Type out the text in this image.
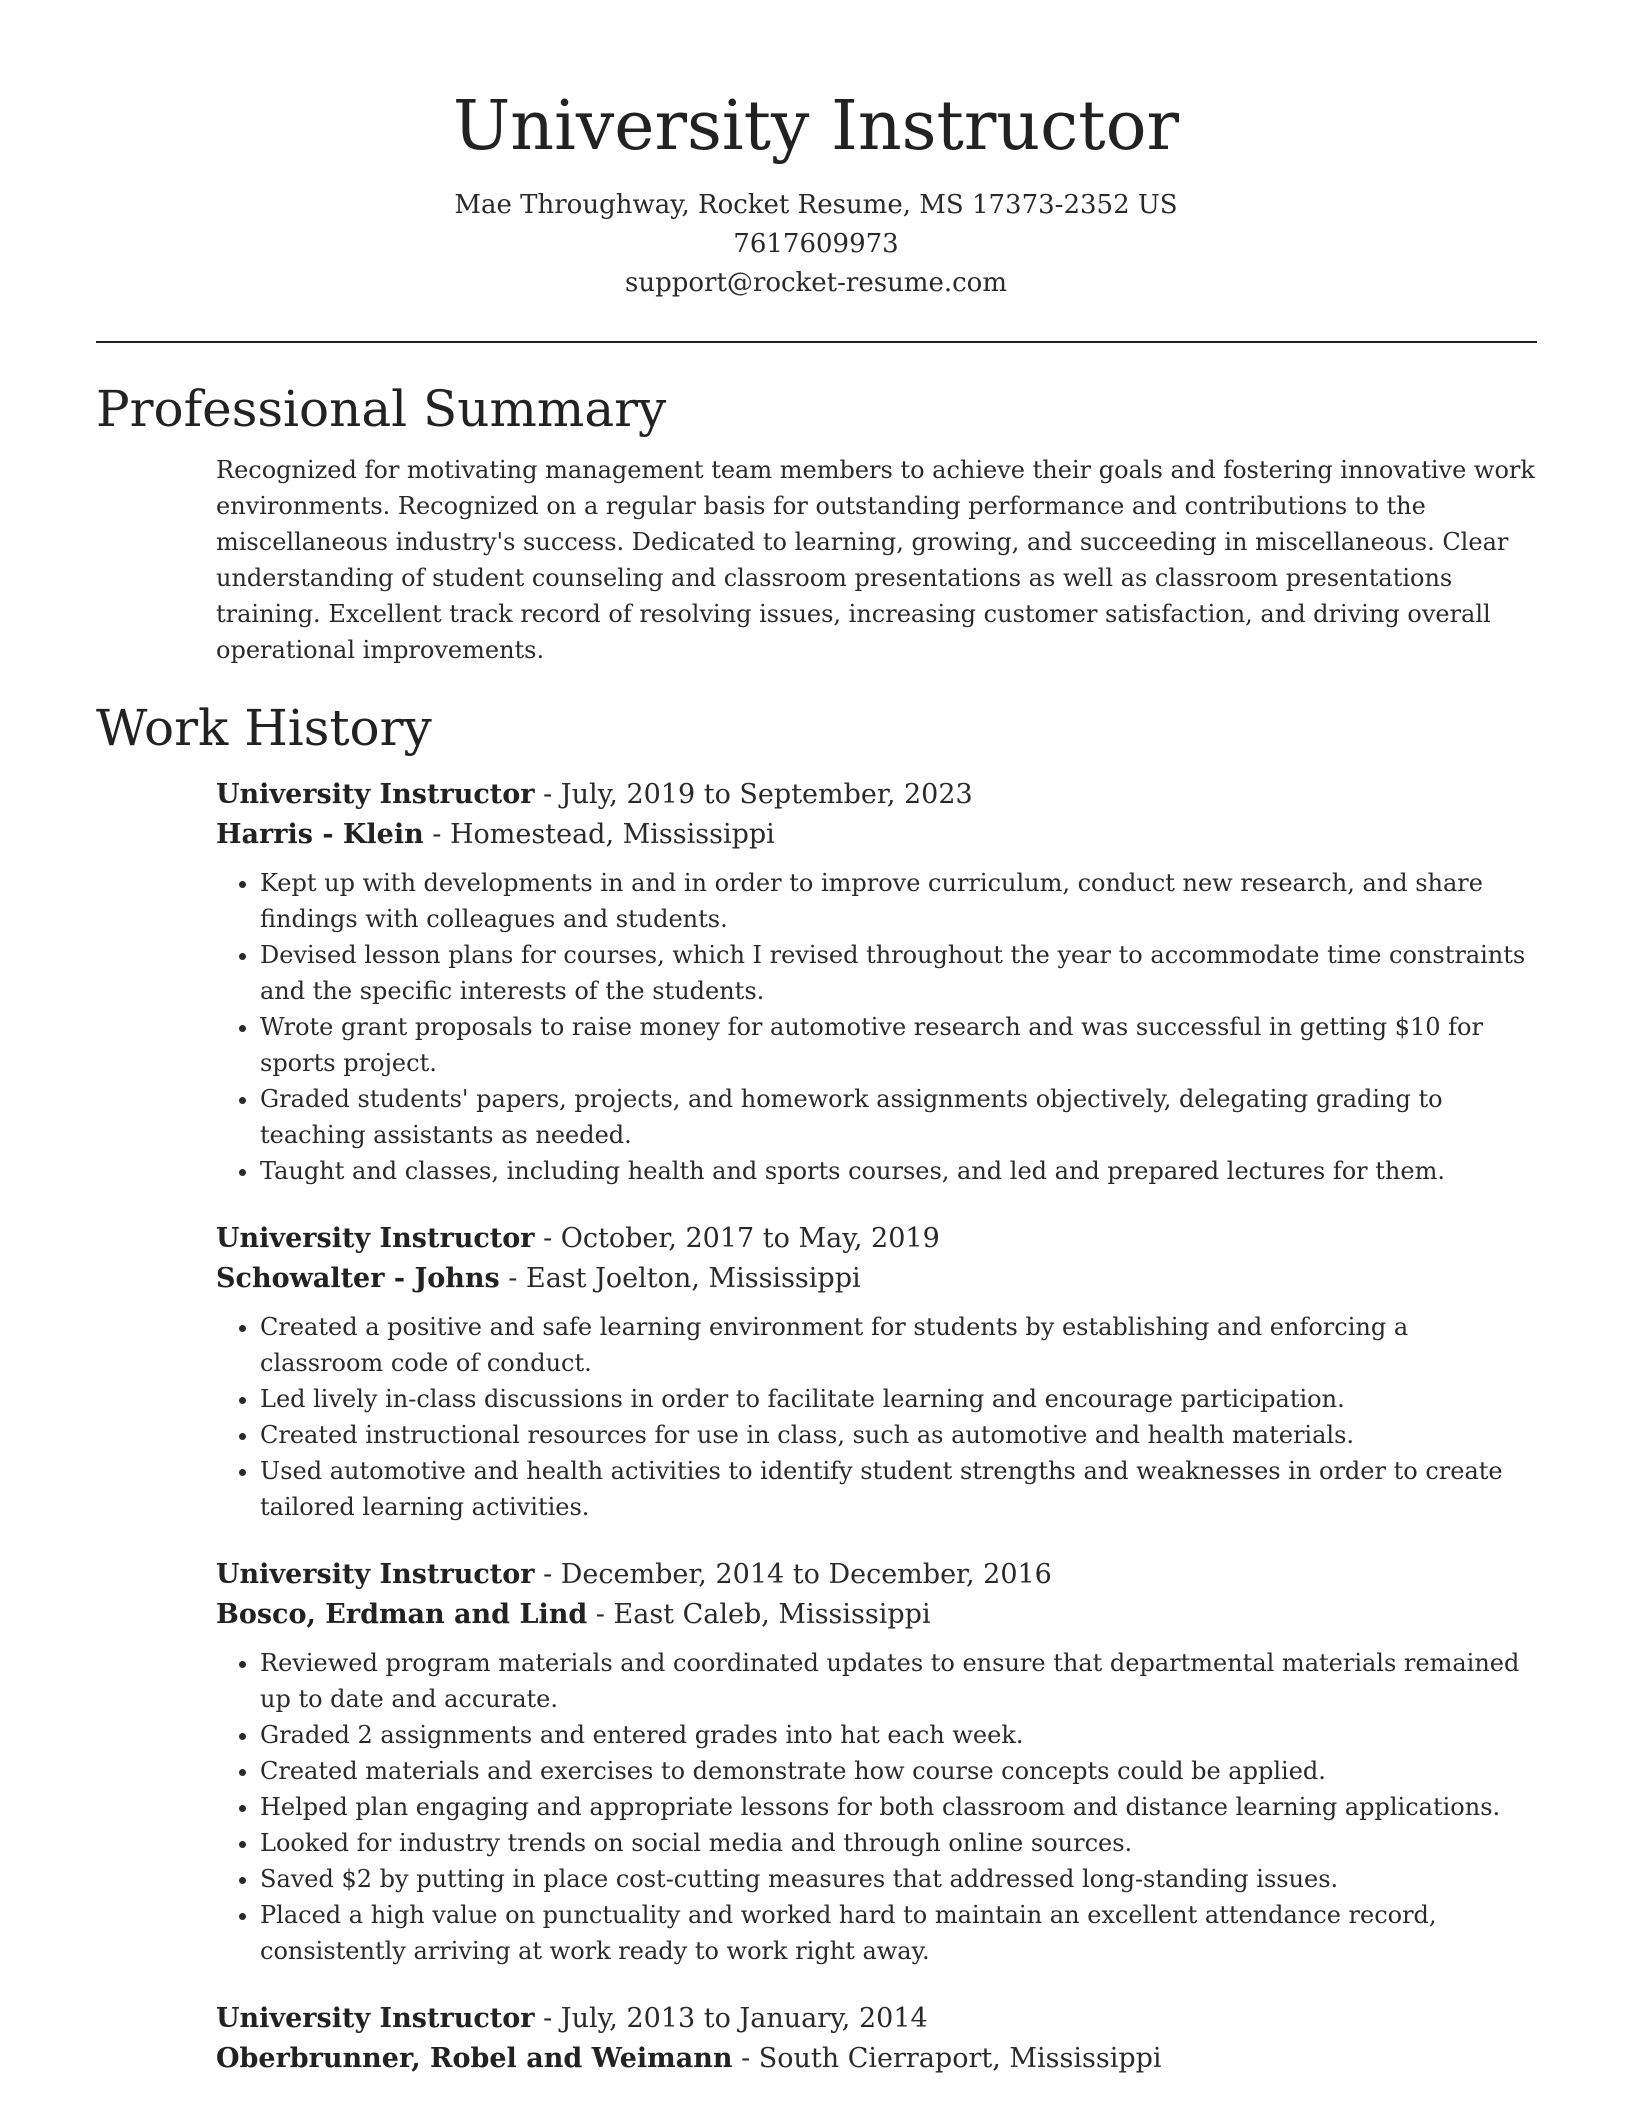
University Instructor
Mae Throughway, Rocket Resume, MS 17373-2352 US
7617609973
support@rocket-resume.com
Professional Summary

Recognized for motivating management team members to achieve their goals and fostering innovative work environments. Recognized on a regular basis for outstanding performance and contributions to the miscellaneous industry's success. Dedicated to learning, growing, and succeeding in miscellaneous. Clear understanding of student counseling and classroom presentations as well as classroom presentations training. Excellent track record of resolving issues, increasing customer satisfaction, and driving overall operational improvements.

Work History
University Instructor - July, 2019 to September, 2023
Harris - Klein - Homestead, Mississippi
• Kept up with developments in and in order to improve curriculum, conduct new research, and share findings with colleagues and students.
• Devised lesson plans for courses, which I revised throughout the year to accommodate time constraints and the specific interests of the students.
• Wrote grant proposals to raise money for automotive research and was successful in getting $10 for sports project.
• Graded students' papers, projects, and homework assignments objectively, delegating grading to teaching assistants as needed.
• Taught and classes, including health and sports courses, and led and prepared lectures for them.
University Instructor - October, 2017 to May, 2019
Schowalter - Johns - East Joelton, Mississippi
• Created a positive and safe learning environment for students by establishing and enforcing a classroom code of conduct.
• Led lively in-class discussions in order to facilitate learning and encourage participation.
• Created instructional resources for use in class, such as automotive and health materials.
• Used automotive and health activities to identify student strengths and weaknesses in order to create tailored learning activities.
University Instructor - December, 2014 to December, 2016
Bosco, Erdman and Lind - East Caleb, Mississippi
• Reviewed program materials and coordinated updates to ensure that departmental materials remained up to date and accurate.
• Graded 2 assignments and entered grades into hat each week.
• Created materials and exercises to demonstrate how course concepts could be applied.
• Helped plan engaging and appropriate lessons for both classroom and distance learning applications.
• Looked for industry trends on social media and through online sources.
• Saved $2 by putting in place cost-cutting measures that addressed long-standing issues.
• Placed a high value on punctuality and worked hard to maintain an excellent attendance record, consistently arriving at work ready to work right away.
University Instructor - July, 2013 to January, 2014
Oberbrunner, Robel and Weimann - South Cierraport, Mississippi
